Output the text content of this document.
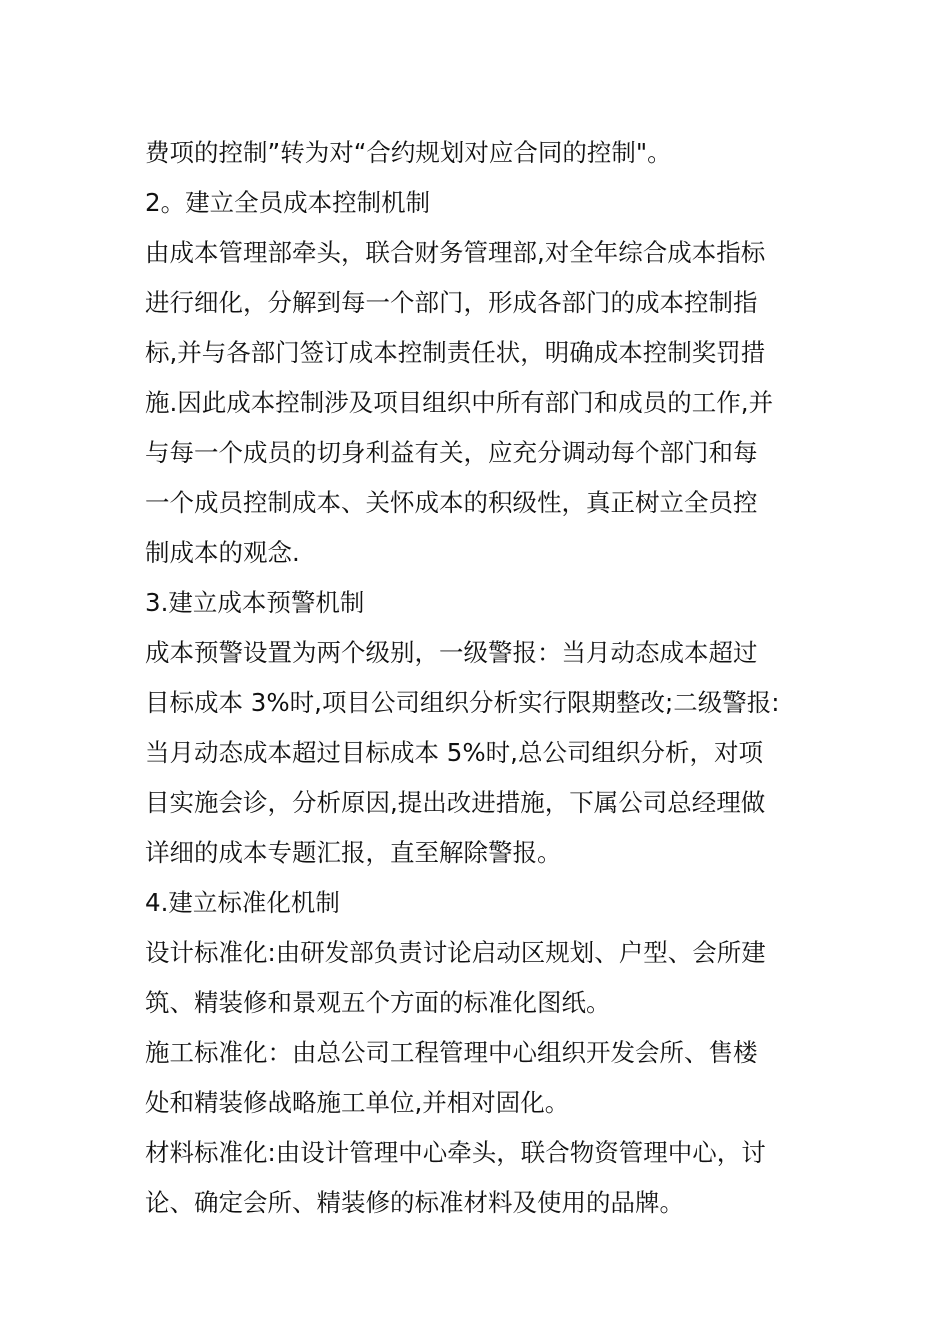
费项的控制”转为对“合约规划对应合同的控制"。
2。建立全员成本控制机制
由成本管理部牵头，联合财务管理部,对全年综合成本指标
进行细化，分解到每一个部门，形成各部门的成本控制指
标,并与各部门签订成本控制责任状，明确成本控制奖罚措
施.因此成本控制涉及项目组织中所有部门和成员的工作,并
与每一个成员的切身利益有关，应充分调动每个部门和每
一个成员控制成本、关怀成本的积级性，真正树立全员控
制成本的观念.
3.建立成本预警机制
成本预警设置为两个级别，一级警报：当月动态成本超过
目标成本 3%时,项目公司组织分析实行限期整改;二级警报:
当月动态成本超过目标成本 5%时,总公司组织分析，对项
目实施会诊，分析原因,提出改进措施，下属公司总经理做
详细的成本专题汇报，直至解除警报。
4.建立标准化机制
设计标准化:由研发部负责讨论启动区规划、户型、会所建
筑、精装修和景观五个方面的标准化图纸。
施工标准化：由总公司工程管理中心组织开发会所、售楼
处和精装修战略施工单位,并相对固化。
材料标准化:由设计管理中心牵头，联合物资管理中心，讨
论、确定会所、精装修的标准材料及使用的品牌。
